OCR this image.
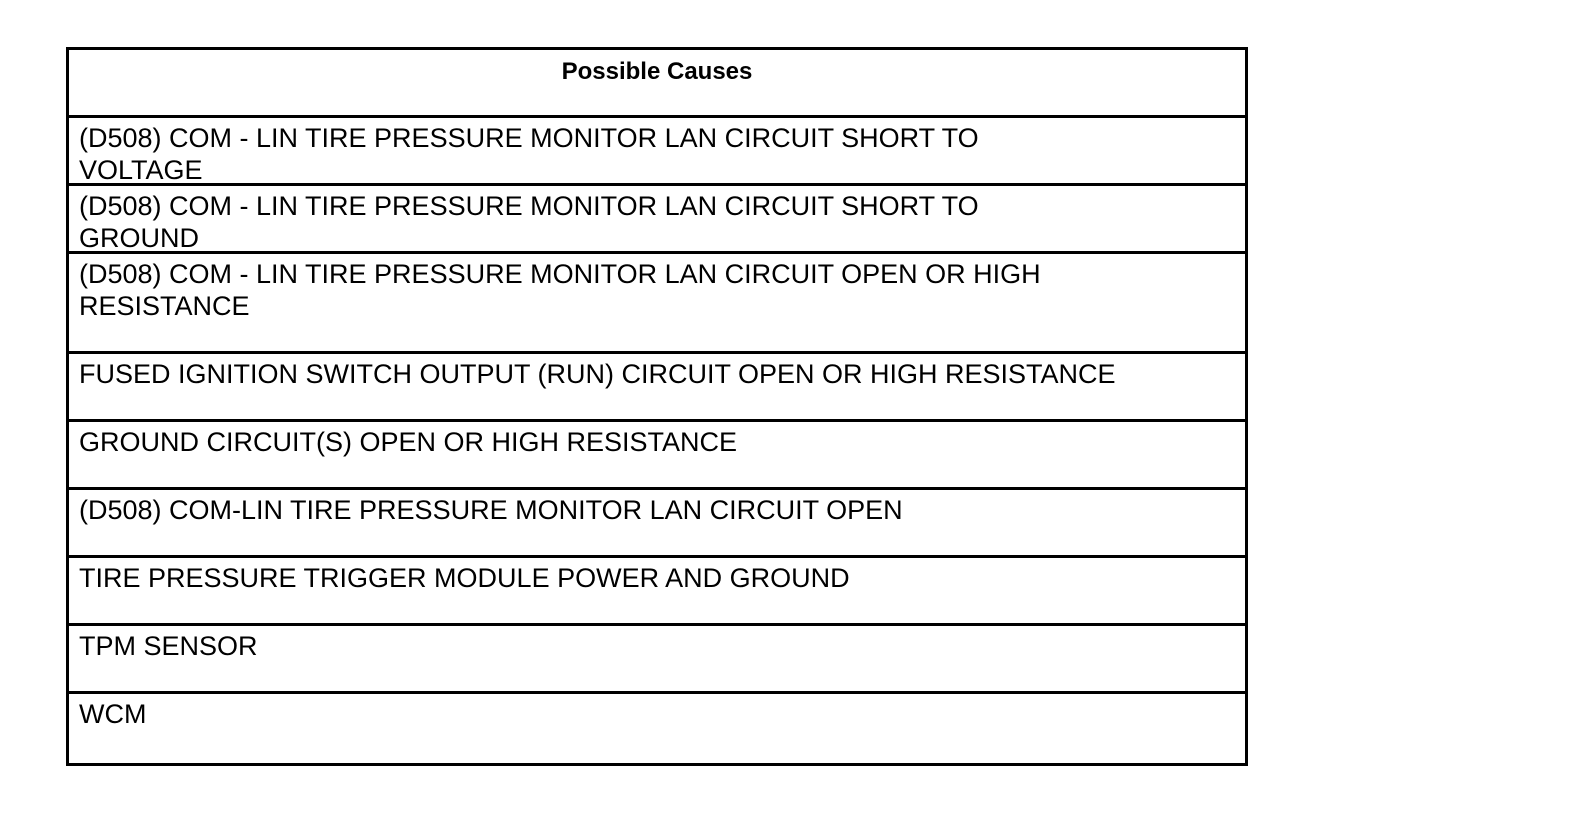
Possible Causes
(D508) COM - LIN TIRE PRESSURE MONITOR LAN CIRCUIT SHORT TO VOLTAGE
(D508) COM - LIN TIRE PRESSURE MONITOR LAN CIRCUIT SHORT TO GROUND
(D508) COM - LIN TIRE PRESSURE MONITOR LAN CIRCUIT OPEN OR HIGH RESISTANCE
FUSED IGNITION SWITCH OUTPUT (RUN) CIRCUIT OPEN OR HIGH RESISTANCE
GROUND CIRCUIT(S) OPEN OR HIGH RESISTANCE
(D508) COM-LIN TIRE PRESSURE MONITOR LAN CIRCUIT OPEN
TIRE PRESSURE TRIGGER MODULE POWER AND GROUND
TPM SENSOR
WCM
